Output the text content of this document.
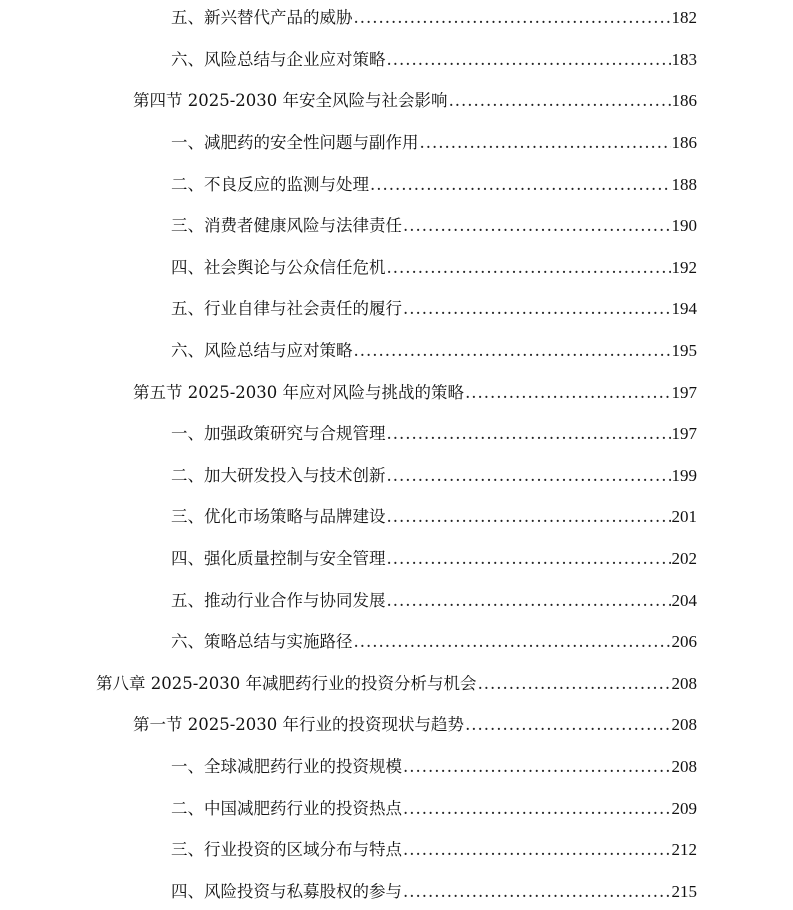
五、新兴替代产品的威胁 .....	182
六、风险总结与企业应对策略 .....	183
第四节 2025-2030 年安全风险与社会影响 .....	186
一、减肥药的安全性问题与副作用 .....	186
二、不良反应的监测与处理 .....	188
三、消费者健康风险与法律责任 .....	190
四、社会舆论与公众信任危机 .....	192
五、行业自律与社会责任的履行 .....	194
六、风险总结与应对策略 .....	195
第五节 2025-2030 年应对风险与挑战的策略 .....	197
一、加强政策研究与合规管理 .....	197
二、加大研发投入与技术创新 .....	199
三、优化市场策略与品牌建设 .....	201
四、强化质量控制与安全管理 .....	202
五、推动行业合作与协同发展 .....	204
六、策略总结与实施路径 .....	206
第八章 2025-2030 年减肥药行业的投资分析与机会 .....	208
第一节 2025-2030 年行业的投资现状与趋势 .....	208
一、全球减肥药行业的投资规模 .....	208
二、中国减肥药行业的投资热点 .....	209
三、行业投资的区域分布与特点 .....	212
四、风险投资与私募股权的参与 .....	215
